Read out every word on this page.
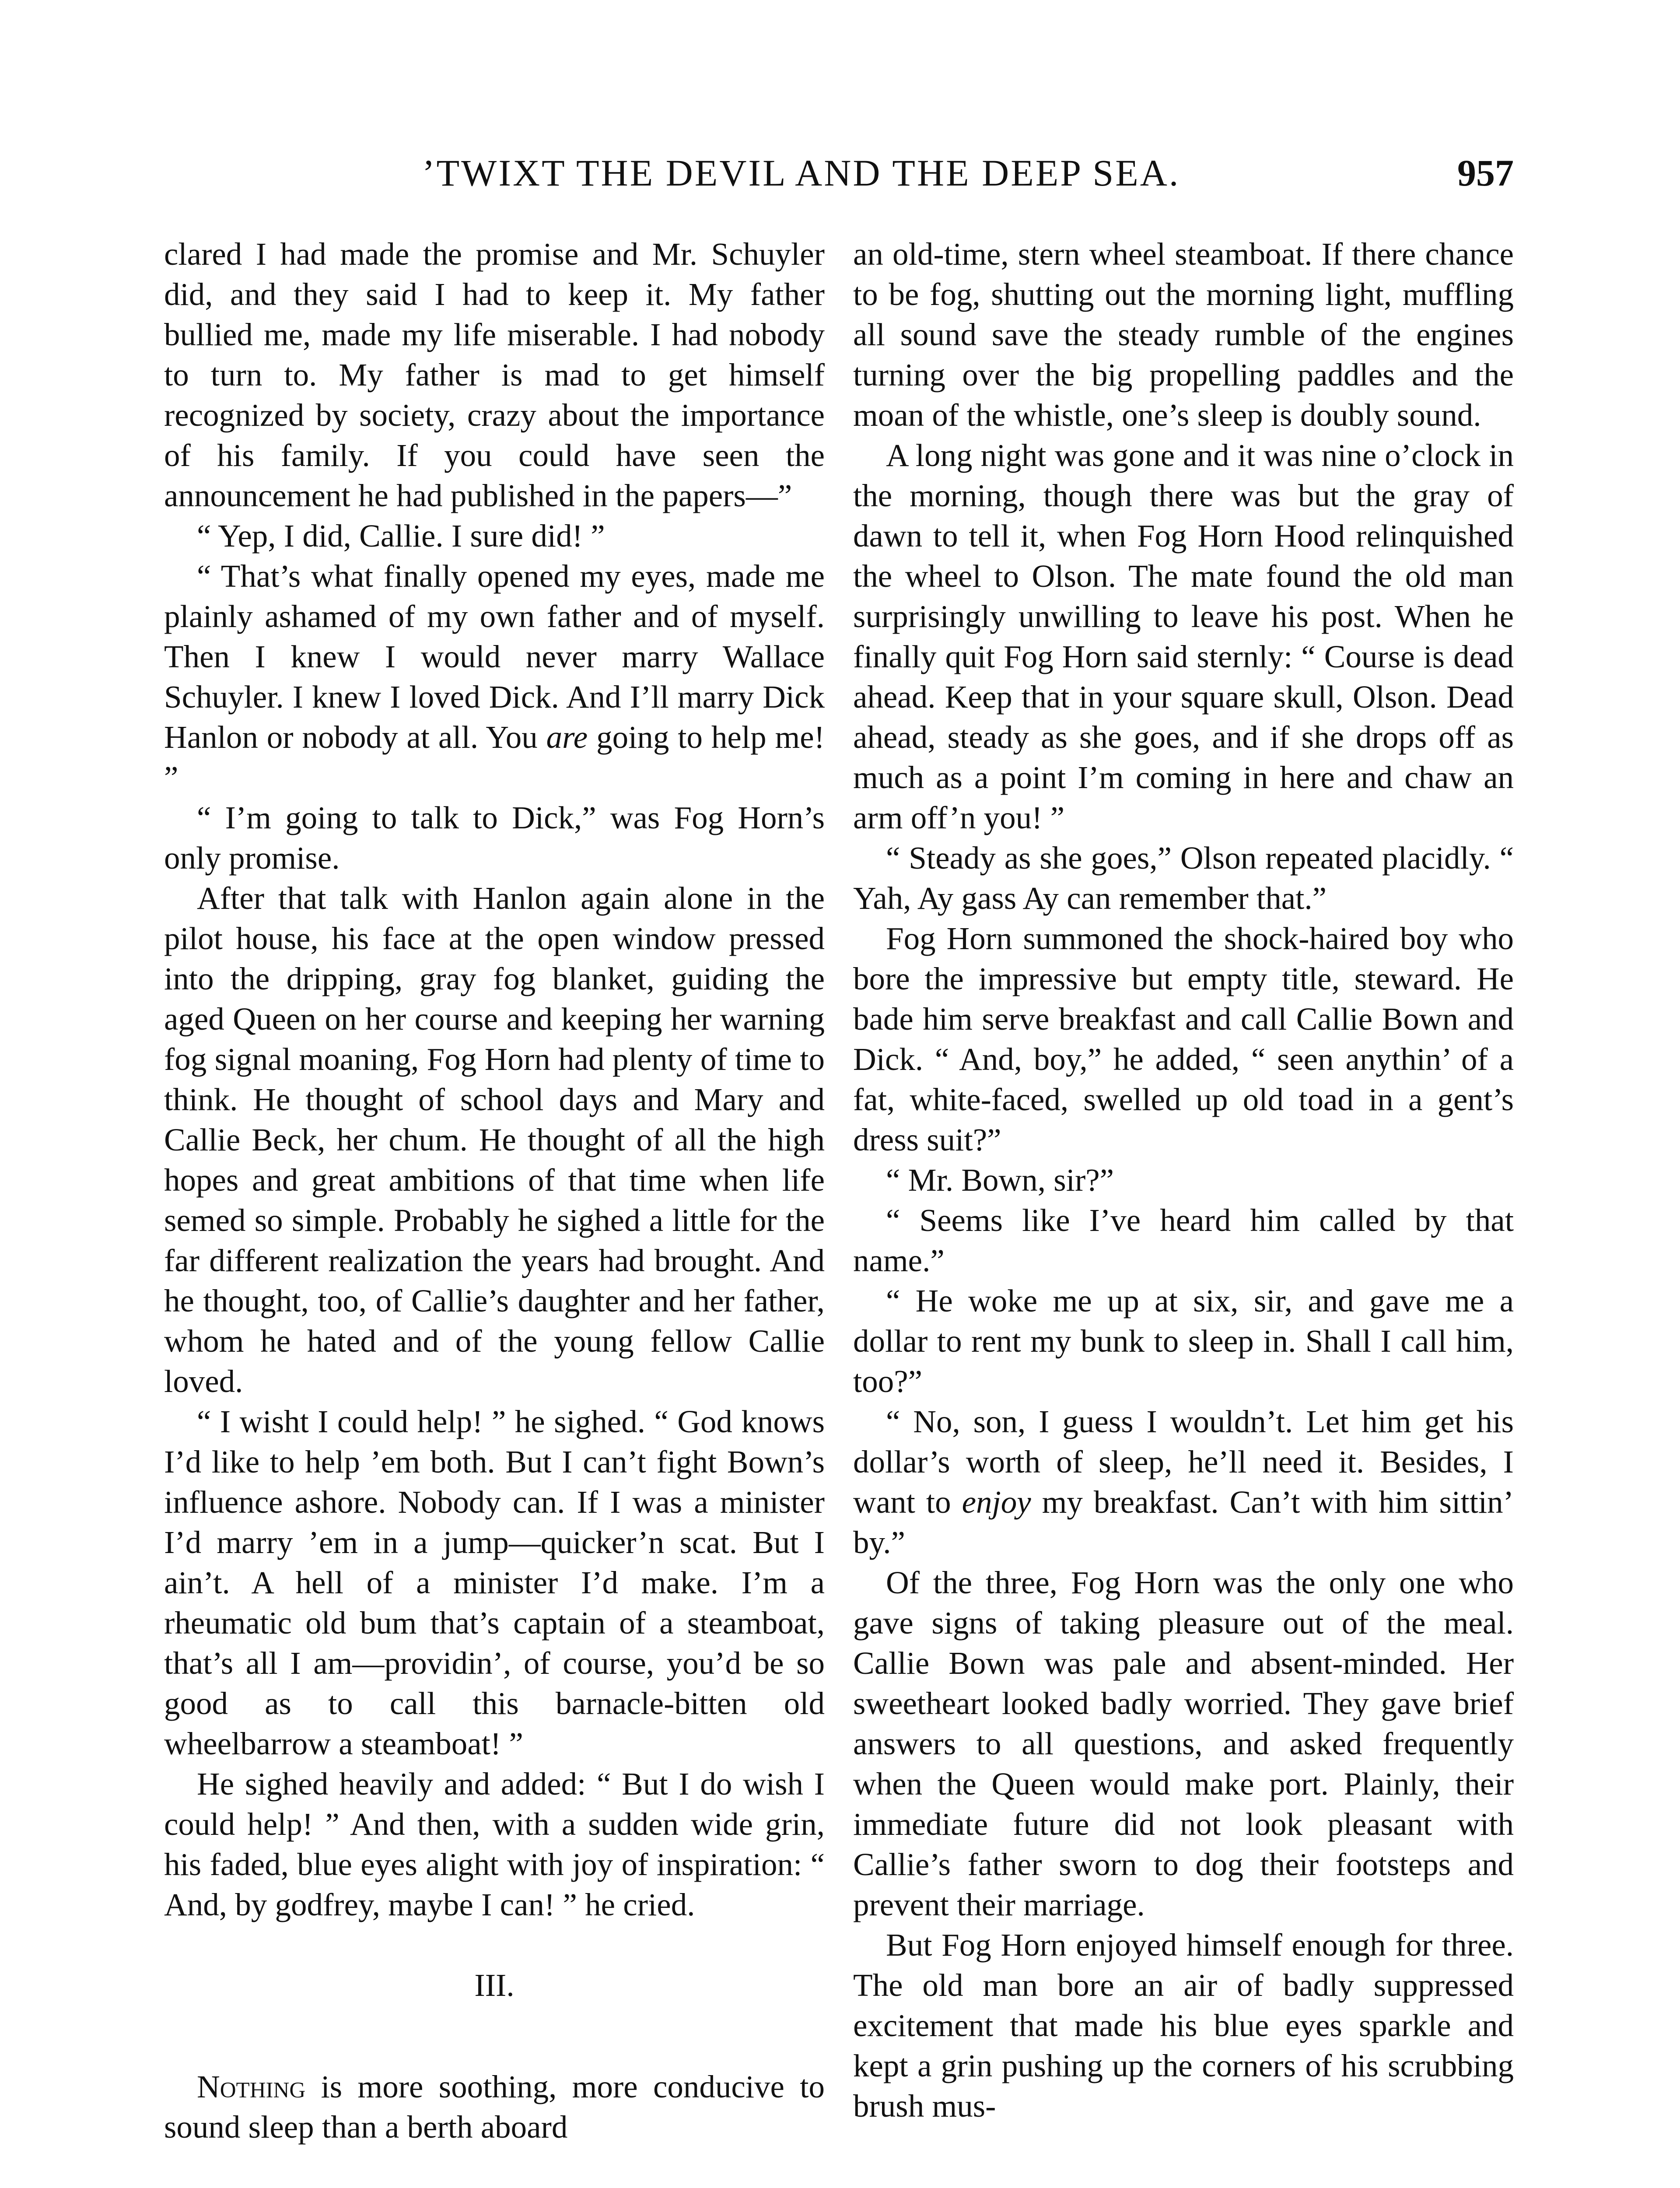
’TWIXT THE DEVIL AND THE DEEP SEA.	957

clared I had made the promise and Mr. Schuyler did, and they said I had to keep it. My father bullied me, made my life miserable. I had nobody to turn to. My father is mad to get himself recognized by society, crazy about the importance of his family. If you could have seen the announcement he had published in the papers—”

“ Yep, I did, Callie. I sure did! ”

“ That’s what finally opened my eyes, made me plainly ashamed of my own father and of myself. Then I knew I would never marry Wallace Schuyler. I knew I loved Dick. And I’ll marry Dick Hanlon or nobody at all. You are going to help me! ”

“ I’m going to talk to Dick,” was Fog Horn’s only promise.

After that talk with Hanlon again alone in the pilot house, his face at the open window pressed into the dripping, gray fog blanket, guiding the aged Queen on her course and keeping her warning fog signal moaning, Fog Horn had plenty of time to think. He thought of school days and Mary and Callie Beck, her chum. He thought of all the high hopes and great ambitions of that time when life semed so simple. Probably he sighed a little for the far different realization the years had brought. And he thought, too, of Callie’s daughter and her father, whom he hated and of the young fellow Callie loved.

“ I wisht I could help! ” he sighed. “ God knows I’d like to help ’em both. But I can’t fight Bown’s influence ashore. Nobody can. If I was a minister I’d marry ’em in a jump—quicker’n scat. But I ain’t. A hell of a minister I’d make. I’m a rheumatic old bum that’s captain of a steamboat, that’s all I am—providin’, of course, you’d be so good as to call this barnacle-bitten old wheelbarrow a steamboat! ”

He sighed heavily and added: “ But I do wish I could help! ” And then, with a sudden wide grin, his faded, blue eyes alight with joy of inspiration: “ And, by godfrey, maybe I can! ” he cried.

III.

Nothing is more soothing, more conducive to sound sleep than a berth aboard

an old-time, stern wheel steamboat. If there chance to be fog, shutting out the morning light, muffling all sound save the steady rumble of the engines turning over the big propelling paddles and the moan of the whistle, one’s sleep is doubly sound.

A long night was gone and it was nine o’clock in the morning, though there was but the gray of dawn to tell it, when Fog Horn Hood relinquished the wheel to Olson. The mate found the old man surprisingly unwilling to leave his post. When he finally quit Fog Horn said sternly: “ Course is dead ahead. Keep that in your square skull, Olson. Dead ahead, steady as she goes, and if she drops off as much as a point I’m coming in here and chaw an arm off’n you! ”

“ Steady as she goes,” Olson repeated placidly. “ Yah, Ay gass Ay can remember that.”

Fog Horn summoned the shock-haired boy who bore the impressive but empty title, steward. He bade him serve breakfast and call Callie Bown and Dick. “ And, boy,” he added, “ seen anythin’ of a fat, white-faced, swelled up old toad in a gent’s dress suit?”

“ Mr. Bown, sir?”

“ Seems like I’ve heard him called by that name.”

“ He woke me up at six, sir, and gave me a dollar to rent my bunk to sleep in. Shall I call him, too?”

“ No, son, I guess I wouldn’t. Let him get his dollar’s worth of sleep, he’ll need it. Besides, I want to enjoy my breakfast. Can’t with him sittin’ by.”

Of the three, Fog Horn was the only one who gave signs of taking pleasure out of the meal. Callie Bown was pale and absent-minded. Her sweetheart looked badly worried. They gave brief answers to all questions, and asked frequently when the Queen would make port. Plainly, their immediate future did not look pleasant with Callie’s father sworn to dog their footsteps and prevent their marriage.

But Fog Horn enjoyed himself enough for three. The old man bore an air of badly suppressed excitement that made his blue eyes sparkle and kept a grin pushing up the corners of his scrubbing brush mus-
